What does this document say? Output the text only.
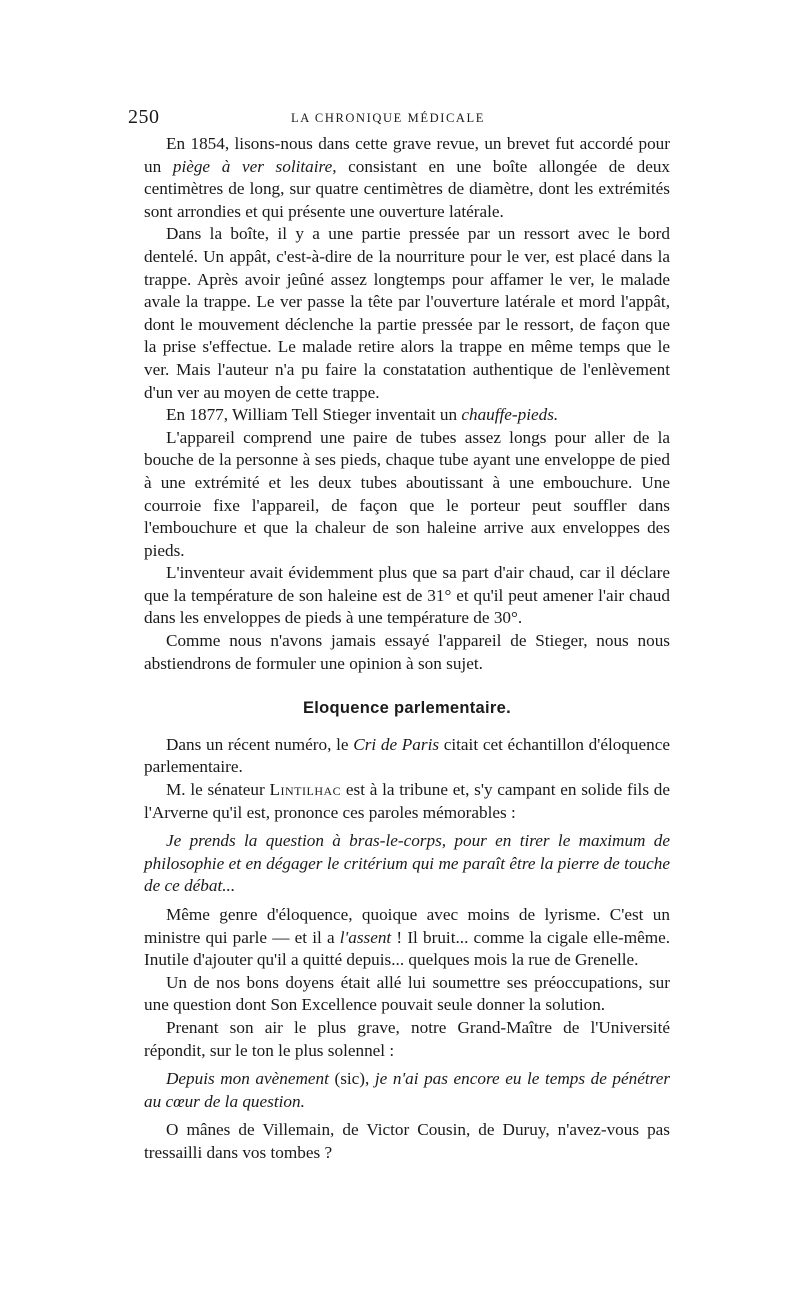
250	LA CHRONIQUE MÉDICALE

En 1854, lisons-nous dans cette grave revue, un brevet fut accordé pour un piège à ver solitaire, consistant en une boîte allongée de deux centimètres de long, sur quatre centimètres de diamètre, dont les extrémités sont arrondies et qui présente une ouverture latérale.

Dans la boîte, il y a une partie pressée par un ressort avec le bord dentelé. Un appât, c'est-à-dire de la nourriture pour le ver, est placé dans la trappe. Après avoir jeûné assez longtemps pour affamer le ver, le malade avale la trappe. Le ver passe la tête par l'ouverture latérale et mord l'appât, dont le mouvement déclenche la partie pressée par le ressort, de façon que la prise s'effectue. Le malade retire alors la trappe en même temps que le ver. Mais l'auteur n'a pu faire la constatation authentique de l'enlèvement d'un ver au moyen de cette trappe.

En 1877, William Tell Stieger inventait un chauffe-pieds.

L'appareil comprend une paire de tubes assez longs pour aller de la bouche de la personne à ses pieds, chaque tube ayant une enveloppe de pied à une extrémité et les deux tubes aboutissant à une embouchure. Une courroie fixe l'appareil, de façon que le porteur peut souffler dans l'embouchure et que la chaleur de son haleine arrive aux enveloppes des pieds.

L'inventeur avait évidemment plus que sa part d'air chaud, car il déclare que la température de son haleine est de 31° et qu'il peut amener l'air chaud dans les enveloppes de pieds à une température de 30°.

Comme nous n'avons jamais essayé l'appareil de Stieger, nous nous abstiendrons de formuler une opinion à son sujet.

Eloquence parlementaire.

Dans un récent numéro, le Cri de Paris citait cet échantillon d'éloquence parlementaire.

M. le sénateur Lintilhac est à la tribune et, s'y campant en solide fils de l'Arverne qu'il est, prononce ces paroles mémorables :

Je prends la question à bras-le-corps, pour en tirer le maximum de philosophie et en dégager le critérium qui me paraît être la pierre de touche de ce débat...

Même genre d'éloquence, quoique avec moins de lyrisme. C'est un ministre qui parle — et il a l'assent ! Il bruit... comme la cigale elle-même. Inutile d'ajouter qu'il a quitté depuis... quelques mois la rue de Grenelle.

Un de nos bons doyens était allé lui soumettre ses préoccupations, sur une question dont Son Excellence pouvait seule donner la solution.

Prenant son air le plus grave, notre Grand-Maître de l'Université répondit, sur le ton le plus solennel :

Depuis mon avènement (sic), je n'ai pas encore eu le temps de pénétrer au cœur de la question.

O mânes de Villemain, de Victor Cousin, de Duruy, n'avez-vous pas tressailli dans vos tombes ?
